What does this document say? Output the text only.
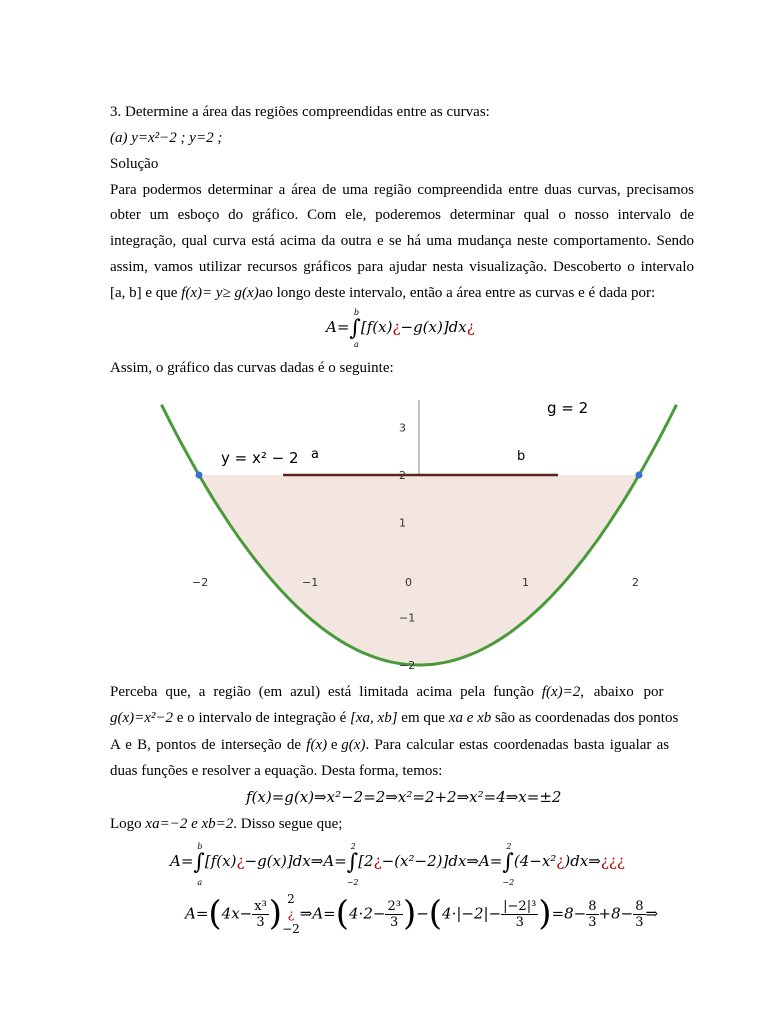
3. Determine a área das regiões compreendidas entre as curvas:
(a) y=x²−2 ; y=2 ;
Solução
Para podermos determinar a área de uma região compreendida entre duas curvas, precisamos
obter um esboço do gráfico. Com ele, poderemos determinar qual o nosso intervalo de
integração, qual curva está acima da outra e se há uma mudança neste comportamento. Sendo
assim, vamos utilizar recursos gráficos para ajudar nesta visualização. Descoberto o intervalo
[a, b] e que f(x)= y≥ g(x)ao longo deste intervalo, então a área entre as curvas e é dada por:
A=∫
b
a
[f(x)¿−g(x)]dx¿
Assim, o gráfico das curvas dadas é o seguinte:
−2	−1	0	1	2
3
2
1
−1
−2
a	b
y = x² − 2
g = 2
Perceba que, a região (em azul) está limitada acima pela função f(x)=2, abaixo por
g(x)=x²−2 e o intervalo de integração é [xa, xb] em que xa e xb são as coordenadas dos pontos
A e B, pontos de interseção de f(x) e g(x). Para calcular estas coordenadas basta igualar as
duas funções e resolver a equação. Desta forma, temos:
f(x)=g(x)⇒x²−2=2⇒x²=2+2⇒x²=4⇒x=±2
Logo xa=−2 e xb=2. Disso segue que;
A=∫
b
a
[f(x)¿−g(x)]dx⇒A=∫
2
−2
[2¿−(x²−2)]dx⇒A=∫
2
−2
(4−x²¿)dx⇒¿¿¿
$A=(4x- \frac{\text{x³}}{3}$ ) 2
¿
−2
⇒A=(4·2− $\frac{\text{2³}}{3} )-(4\cdot|-2|- \frac{\text{|−2|³}}{3} )=8- \frac{8}{3} +8- \frac{8}{3}$ ⇒
